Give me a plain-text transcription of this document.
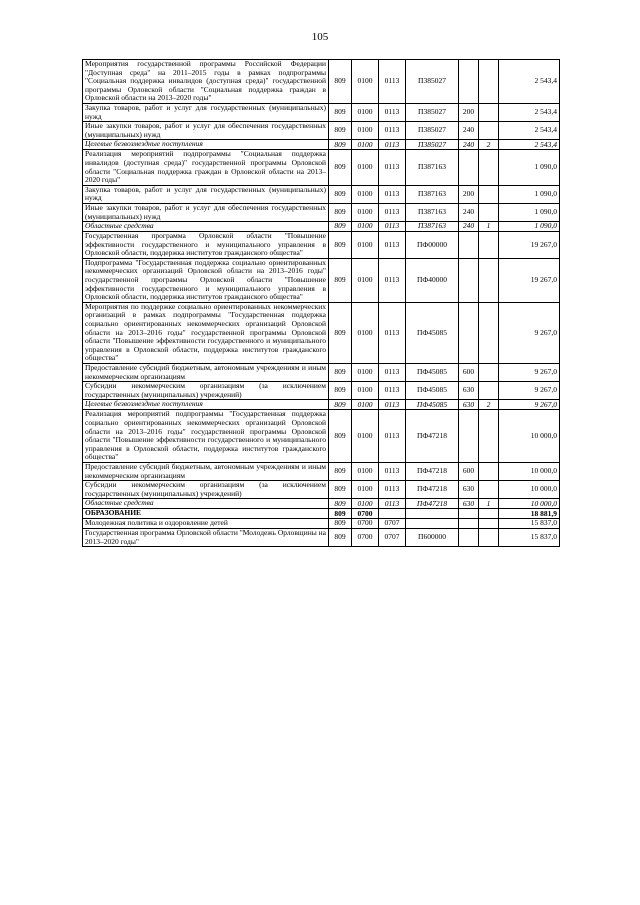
105
Мероприятия государственной программы Российской Федерации "Доступная среда" на 2011–2015 годы в рамках подпрограммы "Социальная поддержка инвалидов (доступная среда)" государственной программы Орловской области "Социальная поддержка граждан в Орловской области на 2013–2020 годы"	809	0100	0113	П385027			2 543,4
Закупка товаров, работ и услуг для государственных (муниципальных) нужд	809	0100	0113	П385027	200		2 543,4
Иные закупки товаров, работ и услуг для обеспечения государственных (муниципальных) нужд	809	0100	0113	П385027	240		2 543,4
Целевые безвозмездные поступления	809	0100	0113	П385027	240	2	2 543,4
Реализация мероприятий подпрограммы "Социальная поддержка инвалидов (доступная среда)" государственной программы Орловской области "Социальная поддержка граждан в Орловской области на 2013–2020 годы"	809	0100	0113	П387163			1 090,0
Закупка товаров, работ и услуг для государственных (муниципальных) нужд	809	0100	0113	П387163	200		1 090,0
Иные закупки товаров, работ и услуг для обеспечения государственных (муниципальных) нужд	809	0100	0113	П387163	240		1 090,0
Областные средства	809	0100	0113	П387163	240	1	1 090,0
Государственная программа Орловской области "Повышение эффективности государственного и муниципального управления в Орловской области, поддержка институтов гражданского общества"	809	0100	0113	ПФ00000			19 267,0
Подпрограмма "Государственная поддержка социально ориентированных некоммерческих организаций Орловской области на 2013–2016 годы" государственной программы Орловской области "Повышение эффективности государственного и муниципального управления в Орловской области, поддержка институтов гражданского общества"	809	0100	0113	ПФ40000			19 267,0
Мероприятия по поддержке социально ориентированных некоммерческих организаций в рамках подпрограммы "Государственная поддержка социально ориентированных некоммерческих организаций Орловской области на 2013–2016 годы" государственной программы Орловской области "Повышение эффективности государственного и муниципального управления в Орловской области, поддержка институтов гражданского общества"	809	0100	0113	ПФ45085			9 267,0
Предоставление субсидий бюджетным, автономным учреждениям и иным некоммерческим организациям	809	0100	0113	ПФ45085	600		9 267,0
Субсидии некоммерческим организациям (за исключением государственных (муниципальных) учреждений)	809	0100	0113	ПФ45085	630		9 267,0
Целевые безвозмездные поступления	809	0100	0113	ПФ45085	630	2	9 267,0
Реализация мероприятий подпрограммы "Государственная поддержка социально ориентированных некоммерческих организаций Орловской области на 2013–2016 годы" государственной программы Орловской области "Повышение эффективности государственного и муниципального управления в Орловской области, поддержка институтов гражданского общества"	809	0100	0113	ПФ47218			10 000,0
Предоставление субсидий бюджетным, автономным учреждениям и иным некоммерческим организациям	809	0100	0113	ПФ47218	600		10 000,0
Субсидии некоммерческим организациям (за исключением государственных (муниципальных) учреждений)	809	0100	0113	ПФ47218	630		10 000,0
Областные средства	809	0100	0113	ПФ47218	630	1	10 000,0
ОБРАЗОВАНИЕ	809	0700					18 881,9
Молодежная политика и оздоровление детей	809	0700	0707				15 837,0
Государственная программа Орловской области "Молодежь Орловщины на 2013–2020 годы"	809	0700	0707	П600000			15 837,0
